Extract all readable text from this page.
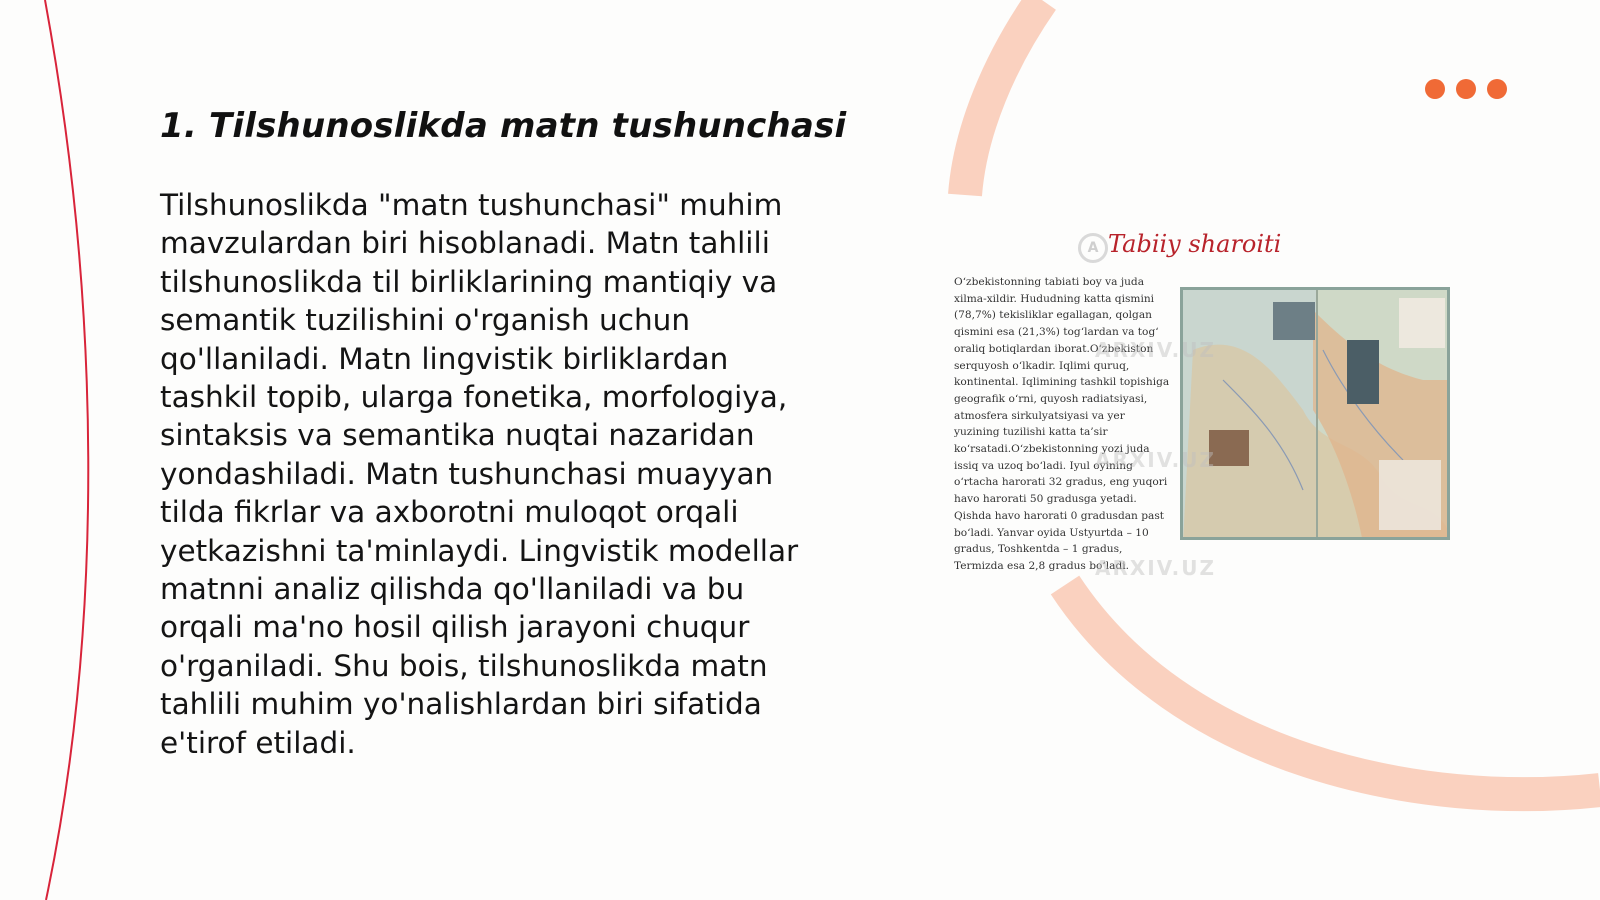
1. Tilshunoslikda matn tushunchasi

Tilshunoslikda "matn tushunchasi" muhim mavzulardan biri hisoblanadi. Matn tahlili tilshunoslikda til birliklarining mantiqiy va semantik tuzilishini o'rganish uchun qo'llaniladi. Matn lingvistik birliklardan tashkil topib, ularga fonetika, morfologiya, sintaksis va semantika nuqtai nazaridan yondashiladi. Matn tushunchasi muayyan tilda fikrlar va axborotni muloqot orqali yetkazishni ta'minlaydi. Lingvistik modellar matnni analiz qilishda qo'llaniladi va bu orqali ma'no hosil qilish jarayoni chuqur o'rganiladi. Shu bois, tilshunoslikda matn tahlili muhim yo'nalishlardan biri sifatida e'tirof etiladi.

A Tabiiy sharoiti
O‘zbekistonning tabiati boy va juda
xilma-xildir. Hududning katta qismini
(78,7%) tekisliklar egallagan, qolgan
qismini esa (21,3%) tog‘lardan va tog‘
oraliq botiqlardan iborat.O‘zbekiston
serquyosh o‘lkadir. Iqlimi quruq,
kontinental. Iqlimining tashkil topishiga
geografik o‘rni, quyosh radiatsiyasi,
atmosfera sirkulyatsiyasi va yer
yuzining tuzilishi katta ta’sir
ko‘rsatadi.O‘zbekistonning yozi juda
issiq va uzoq bo‘ladi. Iyul oyining
o‘rtacha harorati 32 gradus, eng yuqori
havo harorati 50 gradusga yetadi.
Qishda havo harorati 0 gradusdan past
bo‘ladi. Yanvar oyida Ustyurtda – 10
gradus, Toshkentda – 1 gradus,
Termizda esa 2,8 gradus bo‘ladi.
ARXIV.UZ
ARXIV.UZ
ARXIV.UZ
